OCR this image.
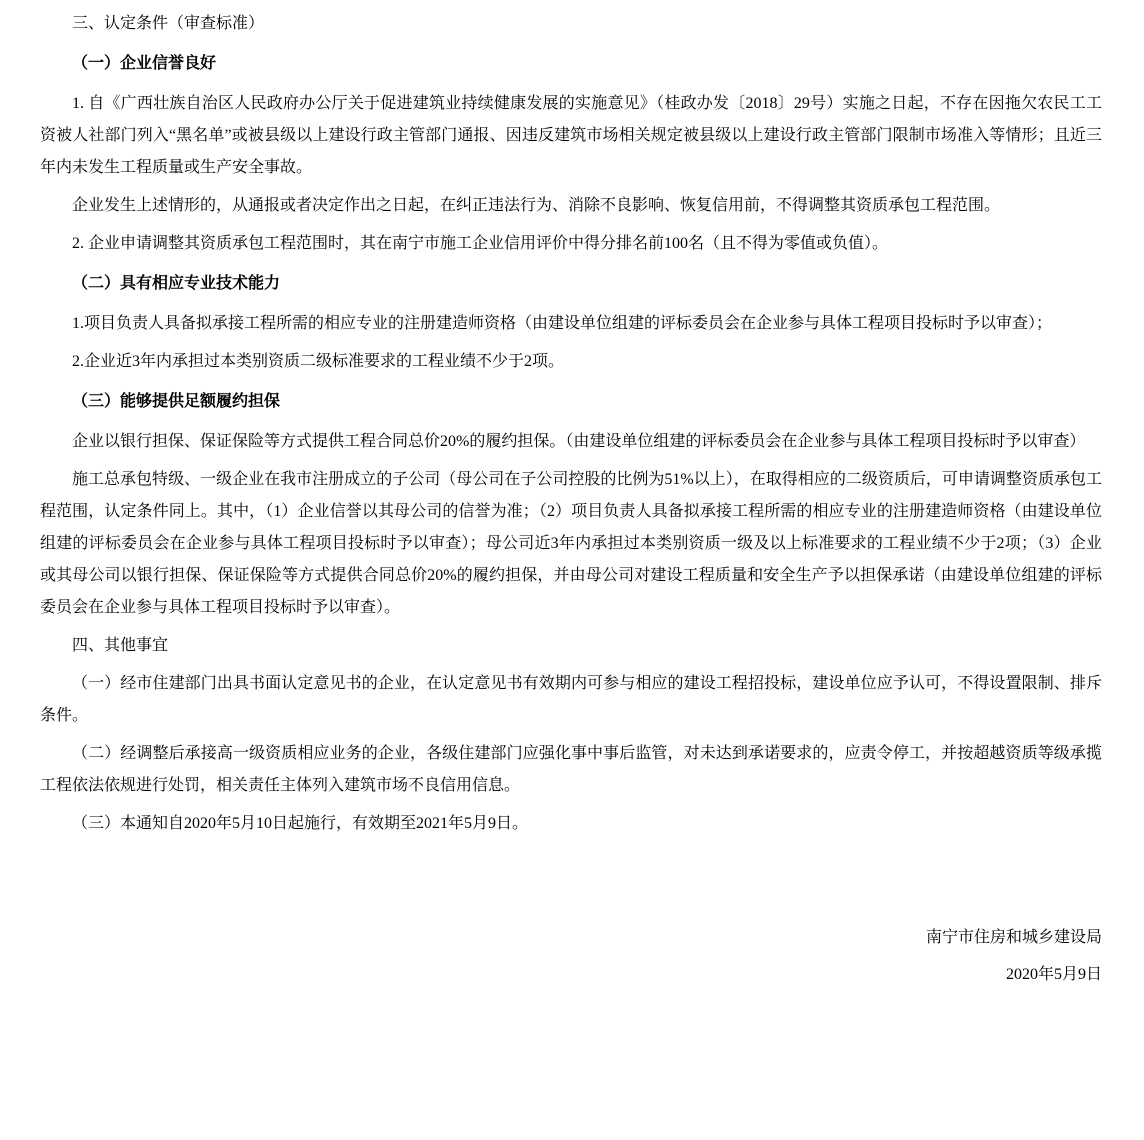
三、认定条件（审查标准）

（一）企业信誉良好

1. 自《广西壮族自治区人民政府办公厅关于促进建筑业持续健康发展的实施意见》（桂政办发〔2018〕29号）实施之日起，不存在因拖欠农民工工资被人社部门列入“黑名单”或被县级以上建设行政主管部门通报、因违反建筑市场相关规定被县级以上建设行政主管部门限制市场准入等情形；且近三年内未发生工程质量或生产安全事故。

企业发生上述情形的，从通报或者决定作出之日起，在纠正违法行为、消除不良影响、恢复信用前，不得调整其资质承包工程范围。

2. 企业申请调整其资质承包工程范围时，其在南宁市施工企业信用评价中得分排名前100名（且不得为零值或负值）。

（二）具有相应专业技术能力

1.项目负责人具备拟承接工程所需的相应专业的注册建造师资格（由建设单位组建的评标委员会在企业参与具体工程项目投标时予以审查）；

2.企业近3年内承担过本类别资质二级标准要求的工程业绩不少于2项。

（三）能够提供足额履约担保

企业以银行担保、保证保险等方式提供工程合同总价20%的履约担保。（由建设单位组建的评标委员会在企业参与具体工程项目投标时予以审查）

施工总承包特级、一级企业在我市注册成立的子公司（母公司在子公司控股的比例为51%以上），在取得相应的二级资质后，可申请调整资质承包工程范围，认定条件同上。其中，（1）企业信誉以其母公司的信誉为准；（2）项目负责人具备拟承接工程所需的相应专业的注册建造师资格（由建设单位组建的评标委员会在企业参与具体工程项目投标时予以审查）；母公司近3年内承担过本类别资质一级及以上标准要求的工程业绩不少于2项；（3）企业或其母公司以银行担保、保证保险等方式提供合同总价20%的履约担保，并由母公司对建设工程质量和安全生产予以担保承诺（由建设单位组建的评标委员会在企业参与具体工程项目投标时予以审查）。

四、其他事宜

（一）经市住建部门出具书面认定意见书的企业，在认定意见书有效期内可参与相应的建设工程招投标，建设单位应予认可，不得设置限制、排斥条件。

（二）经调整后承接高一级资质相应业务的企业，各级住建部门应强化事中事后监管，对未达到承诺要求的，应责令停工，并按超越资质等级承揽工程依法依规进行处罚，相关责任主体列入建筑市场不良信用信息。

（三）本通知自2020年5月10日起施行，有效期至2021年5月9日。

南宁市住房和城乡建设局

2020年5月9日
